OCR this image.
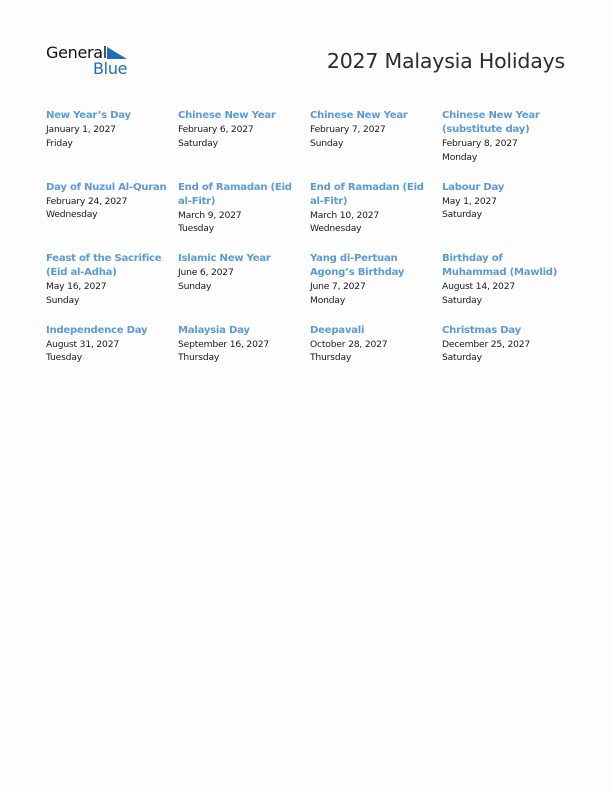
General
Blue	2027 Malaysia Holidays
New Year’s Day
January 1, 2027
Friday
Chinese New Year
February 6, 2027
Saturday
Chinese New Year
February 7, 2027
Sunday
Chinese New Year (substitute day)
February 8, 2027
Monday
Day of Nuzul Al-Quran
February 24, 2027
Wednesday
End of Ramadan (Eid al-Fitr)
March 9, 2027
Tuesday
End of Ramadan (Eid al-Fitr)
March 10, 2027
Wednesday
Labour Day
May 1, 2027
Saturday
Feast of the Sacrifice (Eid al-Adha)
May 16, 2027
Sunday
Islamic New Year
June 6, 2027
Sunday
Yang di-Pertuan Agong’s Birthday
June 7, 2027
Monday
Birthday of Muhammad (Mawlid)
August 14, 2027
Saturday
Independence Day
August 31, 2027
Tuesday
Malaysia Day
September 16, 2027
Thursday
Deepavali
October 28, 2027
Thursday
Christmas Day
December 25, 2027
Saturday
